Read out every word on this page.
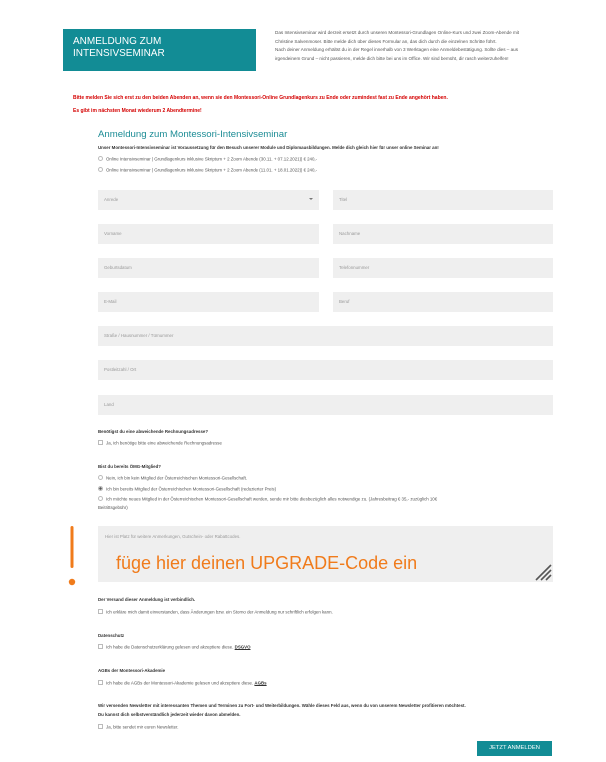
ANMELDUNG ZUM
INTENSIVSEMINAR
Das Intensivseminar wird derzeit ersetzt durch unseren Montessori-Grundlagen Online-Kurs und zwei Zoom-Abende mit
Christine Salvenmoser. Bitte melde dich über dieses Formular an, das dich durch die einzelnen Schritte führt.
Nach deiner Anmeldung erhältst du in der Regel innerhalb von 3 Werktagen eine Anmeldebestätigung. Sollte dies – aus
irgendeinem Grund – nicht passieren, melde dich bitte bei uns im Office. Wir sind bemüht, dir rasch weiterzuhelfen!
Bitte melden Sie sich erst zu den beiden Abenden an, wenn sie den Montessori-Online Grundlagenkurs zu Ende oder zumindest fast zu Ende angehört haben.
Es gibt im nächsten Monat wiederum 2 Abendtermine!
Anmeldung zum Montessori-Intensivseminar
Unser Montessori-Intensivseminar ist Voraussetzung für den Besuch unserer Module und Diplomausbildungen. Melde dich gleich hier für unser online Seminar an!
Online Intensivseminar | Grundlagenkurs inklusive Skriptum + 2 Zoom Abende (30.11. + 07.12.2021)| € 240,-
Online Intensivseminar | Grundlagenkurs inklusive Skriptum + 2 Zoom Abende (11.01. + 18.01.2022)| € 240,-
Anrede	Titel
Vorname	Nachname
Geburtsdatum	Telefonnummer
E-Mail	Beruf
Straße / Hausnummer / Türnummer
Postleitzahl / Ort
Land
Benötigst du eine abweichende Rechnungsadresse?
Ja, ich benötige bitte eine abweichende Rechnungsadresse
Bist du bereits ÖMG-Mitglied?
Nein, ich bin kein Mitglied der Österreichischen Montessori-Gesellschaft.
Ich bin bereits Mitglied der Österreichischen Montessori-Gesellschaft (reduzierter Preis)
Ich möchte neues Mitglied in der Österreichischen Montessori-Gesellschaft werden, sende mir bitte diesbezüglich alles notwendige zu. (Jahresbeitrag € 35,- zuzüglich 10€
Beitrittsgebühr)
Hier ist Platz für weitere Anmerkungen, Gutschein- oder Rabattcodes.
füge hier deinen UPGRADE-Code ein
Der Versand dieser Anmeldung ist verbindlich.
Ich erkläre mich damit einverstanden, dass Änderungen bzw. ein Storno der Anmeldung nur schriftlich erfolgen kann.
Datenschutz
Ich habe die Datenschutzerklärung gelesen und akzeptiere diese. DSGVO
AGBs der Montessori-Akademie
Ich habe die AGBs der Montessori-Akademie gelesen und akzeptiere diese. AGBs
Wir versenden Newsletter mit interessanten Themen und Terminen zu Fort- und Weiterbildungen. Wähle dieses Feld aus, wenn du von unserem Newsletter profitieren möchtest.
Du kannst dich selbstverständlich jederzeit wieder davon abmelden.
Ja, bitte sendet mir euren Newsletter.
JETZT ANMELDEN
